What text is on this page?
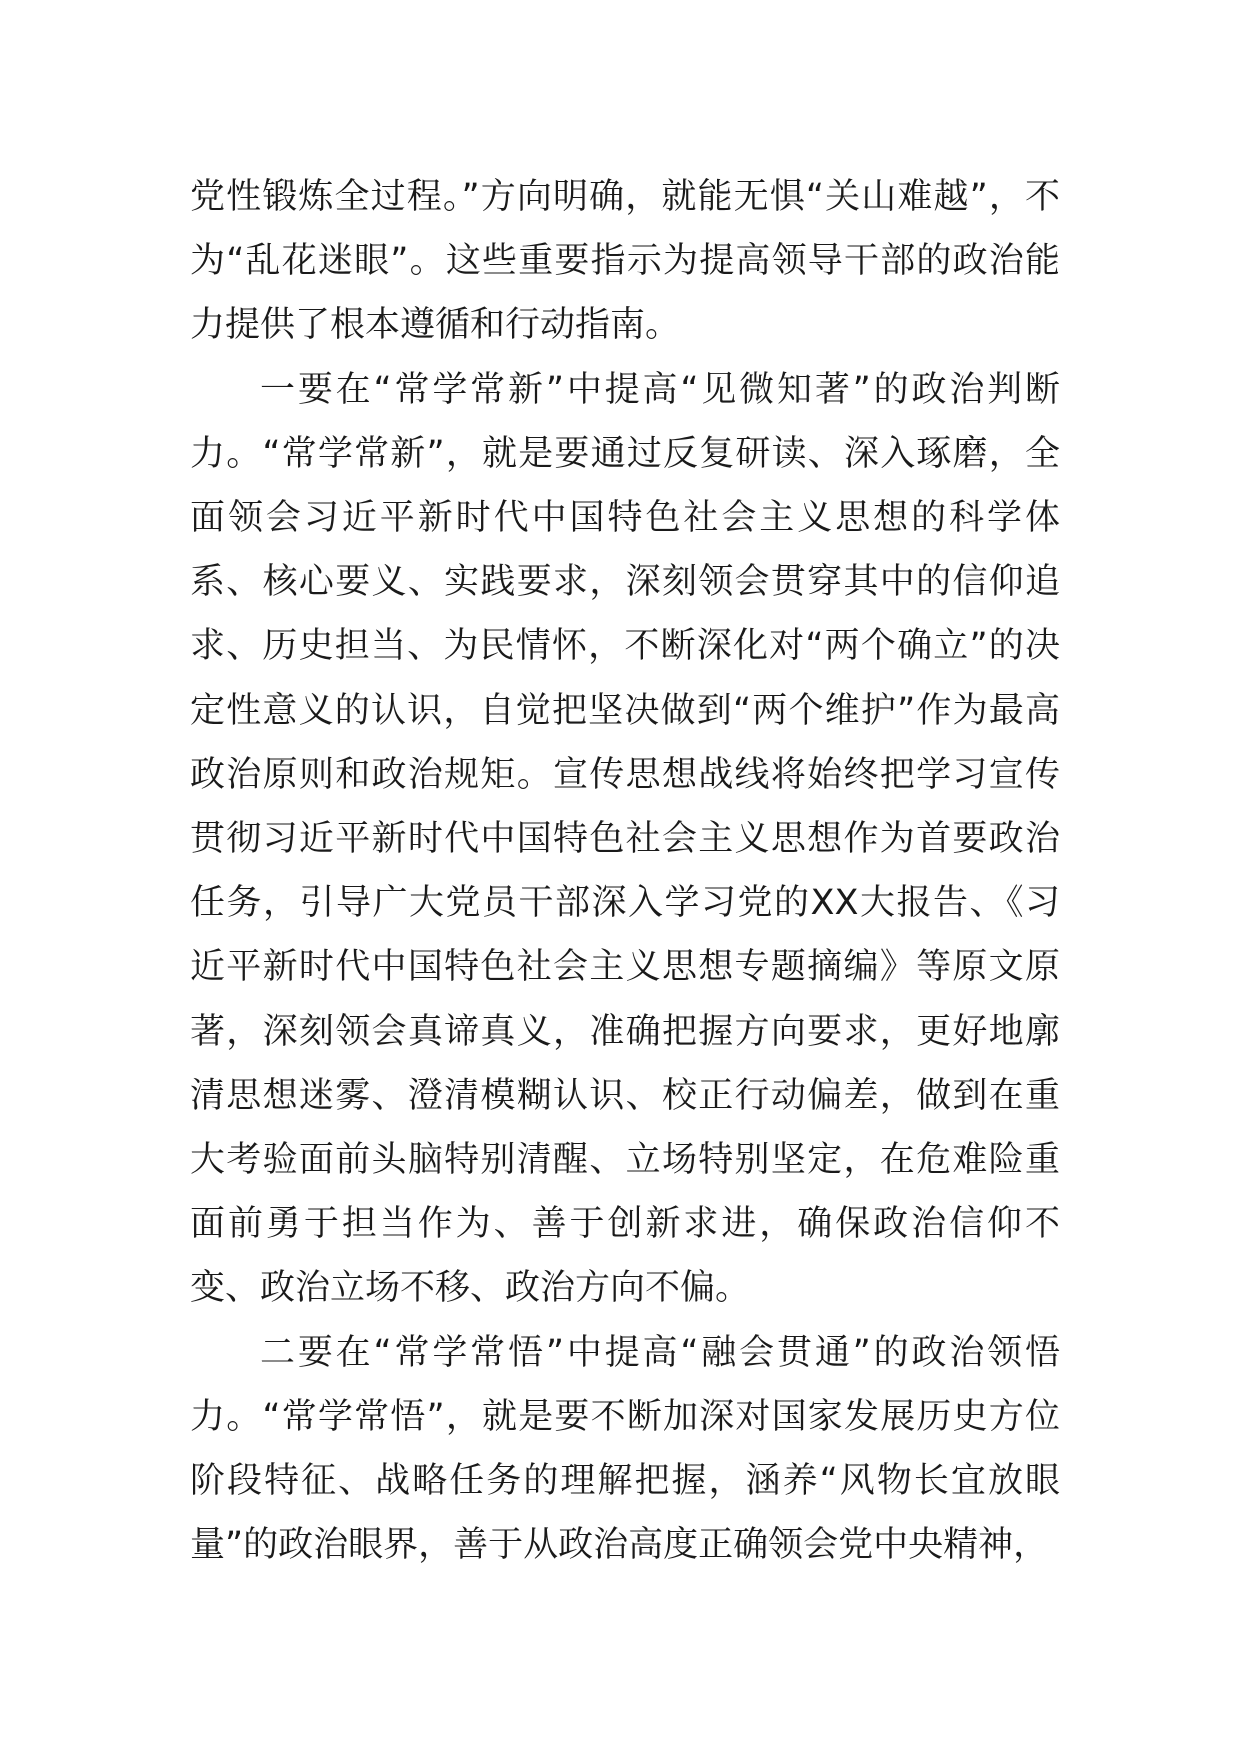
党性锻炼全过程。”方向明确，就能无惧“关山难越”，不为“乱花迷眼”。这些重要指示为提高领导干部的政治能力提供了根本遵循和行动指南。

一要在“常学常新”中提高“见微知著”的政治判断力。“常学常新”，就是要通过反复研读、深入琢磨，全面领会习近平新时代中国特色社会主义思想的科学体系、核心要义、实践要求，深刻领会贯穿其中的信仰追求、历史担当、为民情怀，不断深化对“两个确立”的决定性意义的认识，自觉把坚决做到“两个维护”作为最高政治原则和政治规矩。宣传思想战线将始终把学习宣传贯彻习近平新时代中国特色社会主义思想作为首要政治任务，引导广大党员干部深入学习党的XX大报告、《习近平新时代中国特色社会主义思想专题摘编》等原文原著，深刻领会真谛真义，准确把握方向要求，更好地廓清思想迷雾、澄清模糊认识、校正行动偏差，做到在重大考验面前头脑特别清醒、立场特别坚定，在危难险重面前勇于担当作为、善于创新求进，确保政治信仰不变、政治立场不移、政治方向不偏。

二要在“常学常悟”中提高“融会贯通”的政治领悟力。“常学常悟”，就是要不断加深对国家发展历史方位阶段特征、战略任务的理解把握，涵养“风物长宜放眼量”的政治眼界，善于从政治高度正确领会党中央精神，
